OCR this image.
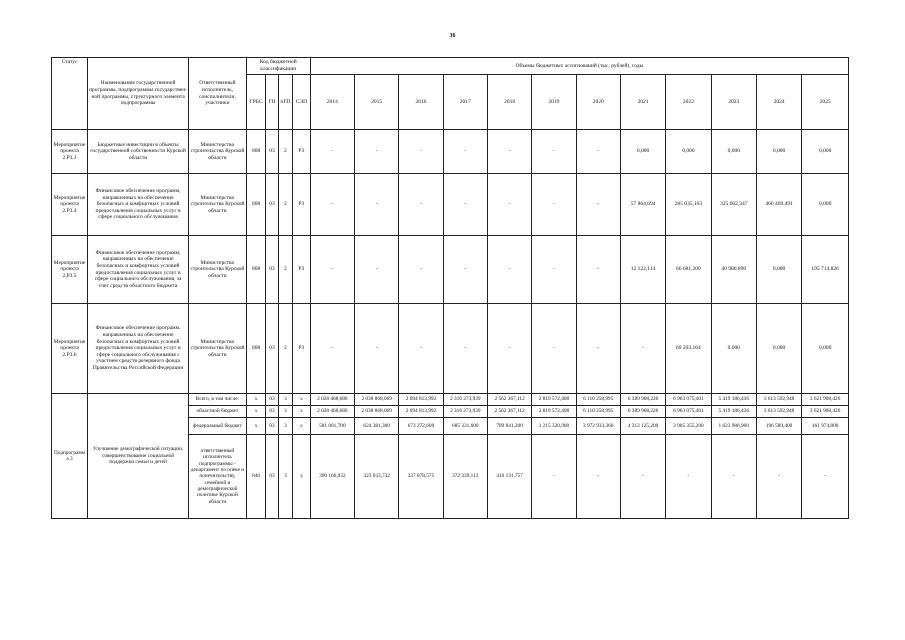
36
Статус	Наименование государственной программы, подпрограммы государствен-ной программы, структурного элемента подпрограммы	Ответственный исполнитель, соисполнители, участники	Код бюджетной классификации				Объемы бюджетных ассигнований (тыс. рублей), годы											
			ГРБС	ГП	пГП	СЭП	2014	2015	2016	2017	2018	2019	2020	2021	2022	2023	2024	2025
Мероприятие проекта 2.Р3.3	Бюджетные инвестиции в объекты государственной собственности Курской области	Министерство строительства Курской области	808	03	2	Р3	-	-	-	-	-	-	-	0,000	0,000	0,000	0,000	0,000
Мероприятие проекта 2.Р3.4	Финансовое обеспечение программ, направленных на обеспечение безопасных и комфортных условий предоставления социальных услуг в сфере социального обслуживания	Министерство строительства Курской области	808	03	2	Р3	-	-	-	-	-	-	-	57 864,694	285 035,103	325 602,347	460 469,491	0,000
Мероприятие проекта 2.Р3.5	Финансовое обеспечение программ, направленных на обеспечение безопасных и комфортных условий предоставления социальных услуг в сфере социального обслуживания, за счет средств областного бюджета	Министерство строительства Курской области	808	03	2	Р3	-	-	-	-	-	-	-	12 122,114	66 681,200	40 980,890	0,000	195 714,826
Мероприятие проекта 2.Р3.6	Финансовое обеспечение программ, направленных на обеспечение безопасных и комфортных условий предоставления социальных услуг в сфере социального обслуживания с участием средств резервного фонда Правительства Российской Федерации	Министерство строительства Курской области	808	03	2	Р3	-	-	-	-	-	-	-	-	69 203,164	0,000	0,000	0,000
Подпрограмма 3	Улучшение демографической ситуации, совершенствование социальной поддержки семьи и детей	Всего, в том числе:	x	03	3	x	2 028 468,680	2 038 868,069	2 094 813,992	2 316 273,939	2 562 367,112	2 819 572,408	6 110 258,995	6 389 968,226	6 963 075,401	5 419 186,436	3 613 592,948	3 621 908,426
		областной бюджет	x	03	3	x	2 028 468,680	2 038 868,069	2 094 813,992	2 316 273,939	2 562 367,112	2 819 572,408	6 110 258,995	6 389 968,226	6 963 075,401	5 419 186,436	3 613 592,948	3 621 908,426
		федеральный бюджет	x	03	3	x	581 001,700	624 381,300	673 272,600	685 331,600	789 841,200	1 215 320,900	3 972 933,360	4 312 125,200	3 905 355,200	1 623 986,900	196 589,400	161 974,800
		ответственный исполнитель подпрограммы - департамент по опеке и попечительству, семейной и демографической политике Курской области	840	03	3	x	390 166,932	323 033,732	337 878,575	372 339,113	410 131,757	-	-	-	-	-	-	-
